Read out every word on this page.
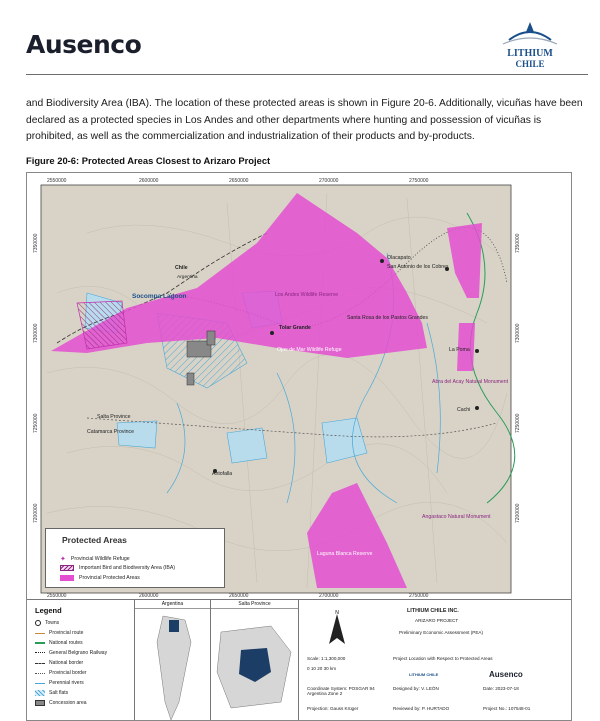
Ausenco	LITHIUM
CHILE
and Biodiversity Area (IBA). The location of these protected areas is shown in Figure 20-6. Additionally, vicuñas have been declared as a protected species in Los Andes and other departments where hunting and possession of vicuñas is prohibited, as well as the commercialization and industrialization of their products and by-products.
Figure 20-6: Protected Areas Closest to Arizaro Project
2550000	2600000	2650000	2700000	2750000
2550000	2600000	2650000	2700000	2750000
7350000
7300000
7250000
7200000
7350000
7300000
7250000
7200000
Chile
Argentina
Socompa Lagoon	Los Andes Wildlife Reserve
Tolar Grande
Ojos de Mar Wildlife Refuge
Santa Rosa de los Pastos Grandes
Olacapato
San Antonio de los Cobres
La Poma
Abra del Acay Natural Monument
Cachi
Salta Province
Catamarca Province
Antofalla
Angastaco Natural Monument
Laguna Blanca Reserve
Protected Areas
✦ Provincial Wildlife Refuge
Important Bird and Biodiversity Area (IBA)
Provincial Protected Areas
Legend
Towns
Provincial route
National routes
General Belgrano Railway
National border
Provincial border
Perennial rivers
Salt flats
Concession area
Argentina	Salta Province
N	LITHIUM CHILE INC.
ARIZARO PROJECT
Preliminary Economic Assessment (PEA)
Scale: 1:1,300,000
0 10 20 30 km
Project Location with Respect to Protected Areas
Coordinate System: POSGAR 94 Argentina Zone 2
Projection: Gauss Krüger
Designed by: V. LEÓN
Reviewed by: P. HURTADO
Date: 2023-07-18
Project No.: 107548-01
LITHIUM CHILE	Ausenco
